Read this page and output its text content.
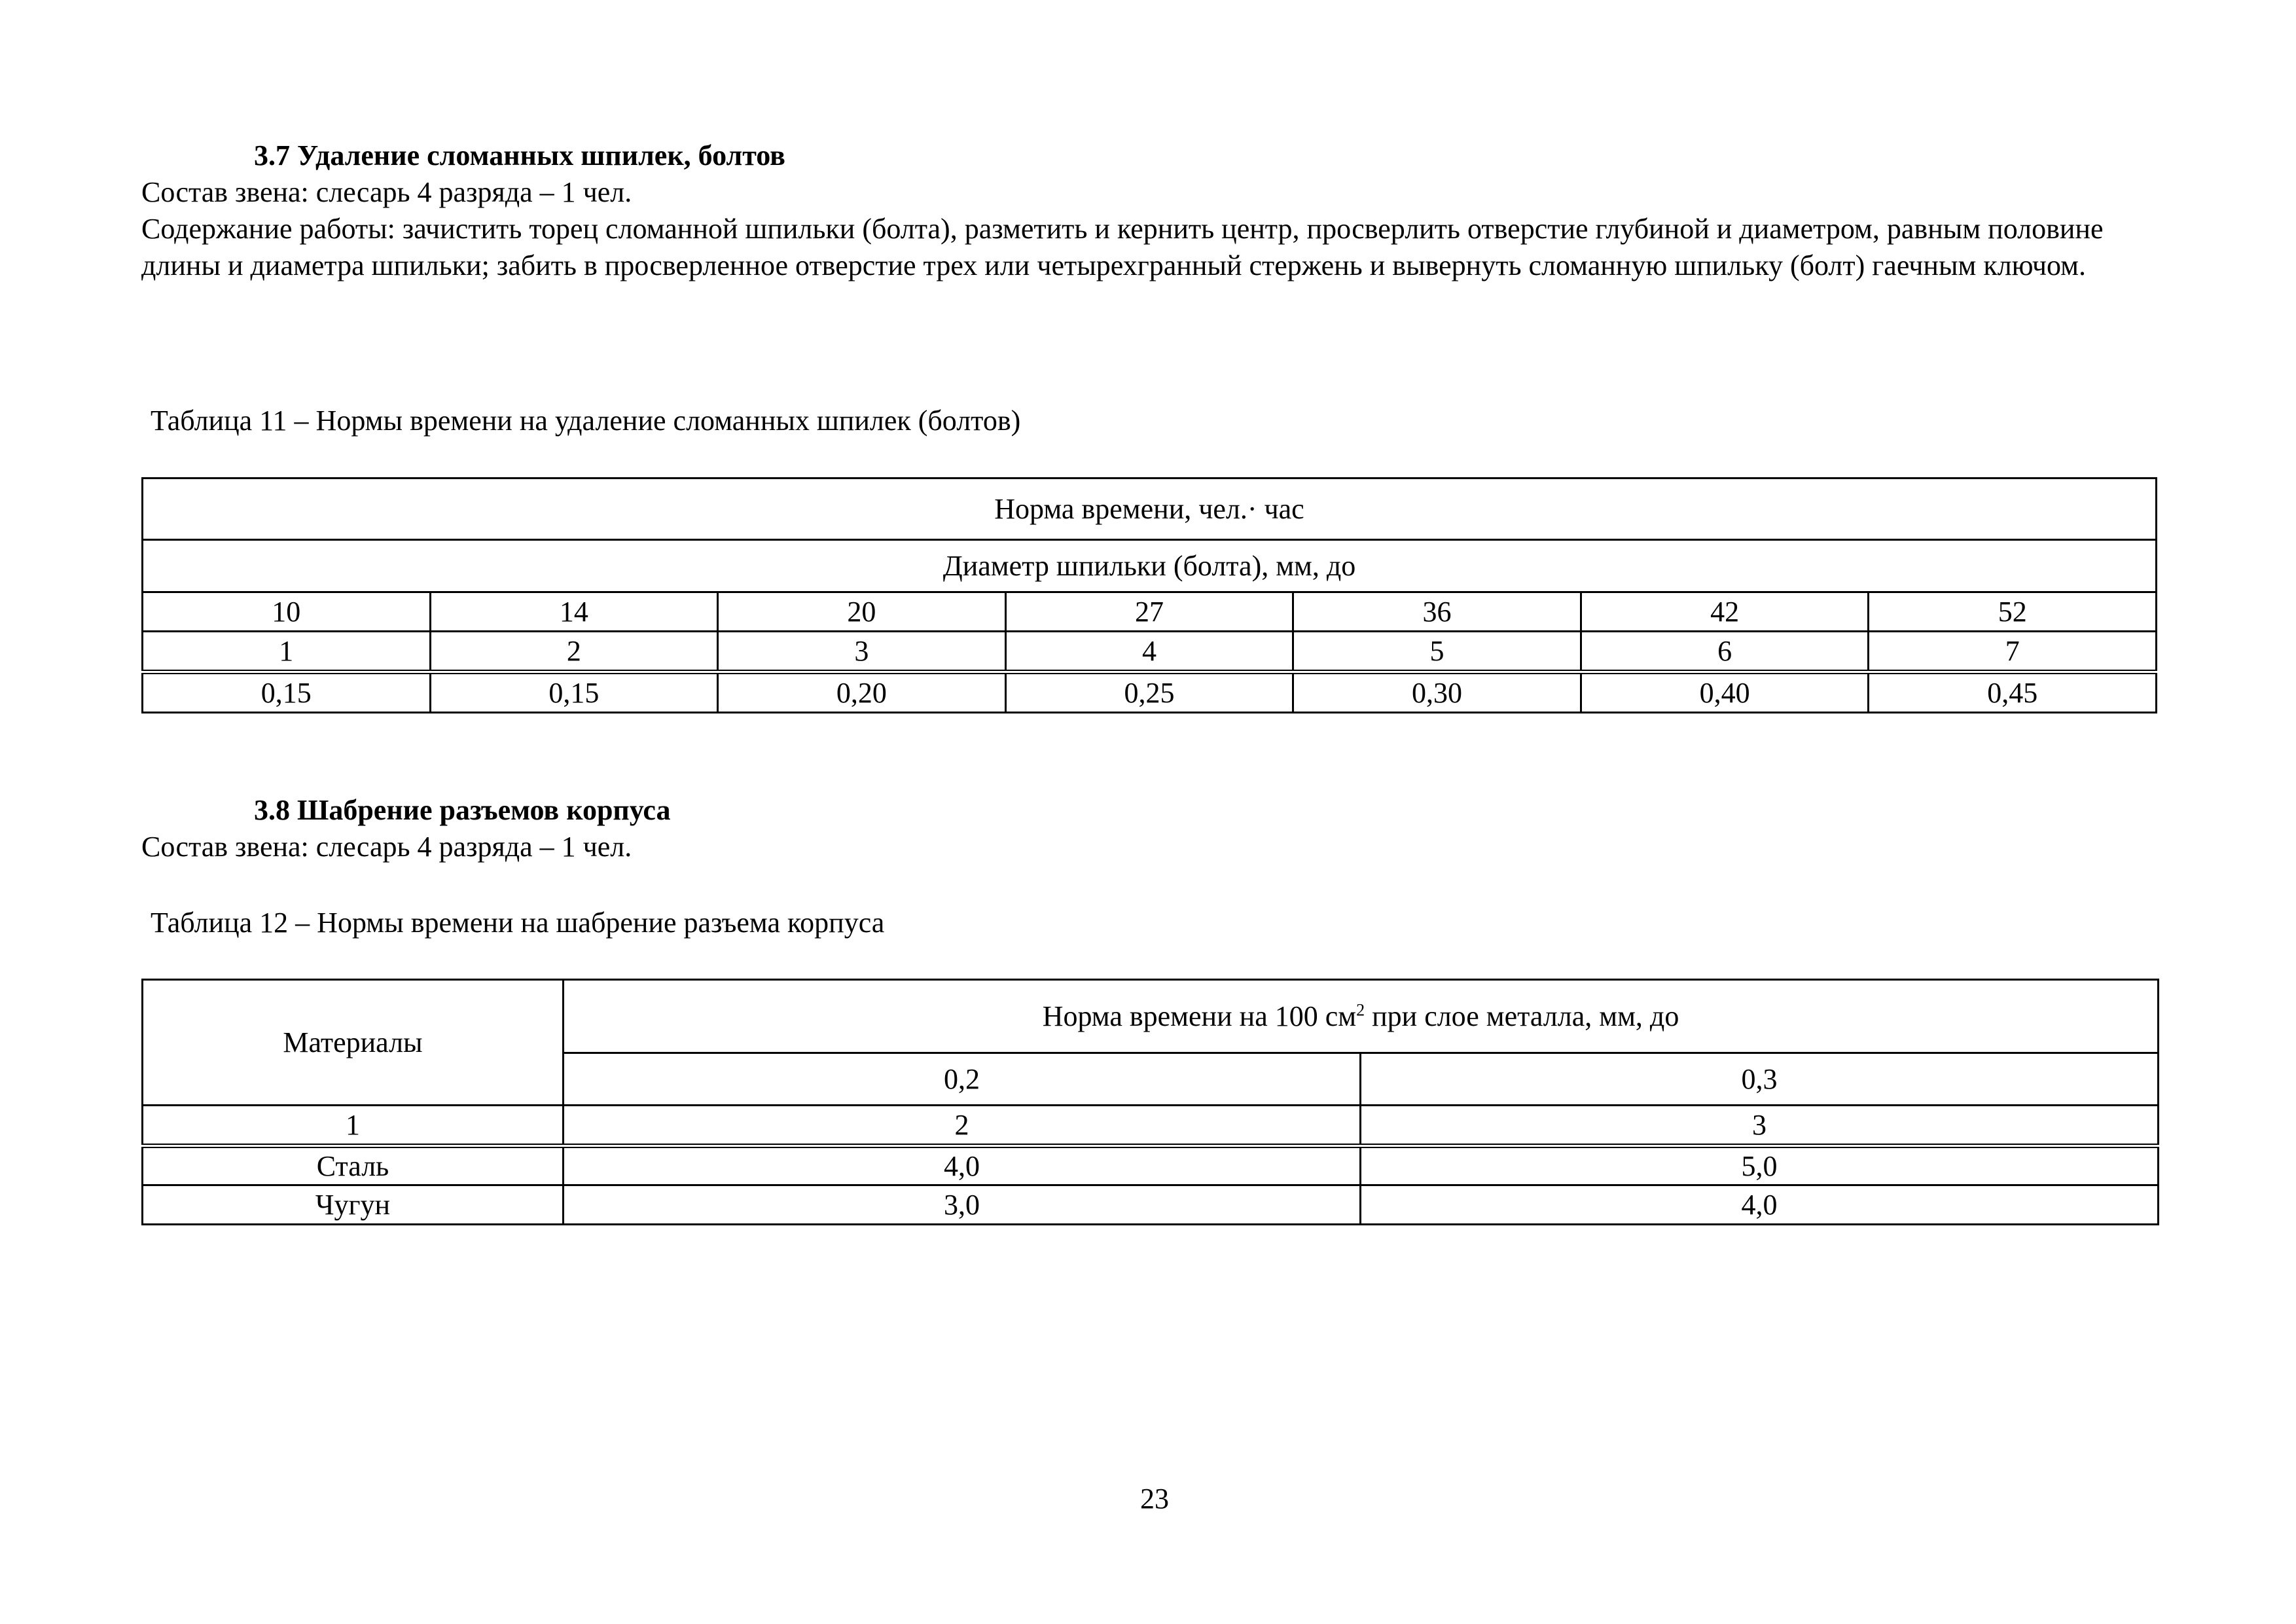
3.7 Удаление сломанных шпилек, болтов

Состав звена: слесарь 4 разряда – 1 чел.

Содержание работы: зачистить торец сломанной шпильки (болта), разметить и кернить центр, просверлить отверстие глубиной и диаметром, равным половине длины и диаметра шпильки; забить в просверленное отверстие трех или четырехгранный стержень и вывернуть сломанную шпильку (болт) гаечным ключом.

Таблица 11 – Нормы времени на удаление сломанных шпилек (болтов)
Норма времени, чел.· час						
Диаметр шпильки (болта), мм, до						
10	14	20	27	36	42	52
1	2	3	4	5	6	7
0,15	0,15	0,20	0,25	0,30	0,40	0,45

3.8 Шабрение разъемов корпуса

Состав звена: слесарь 4 разряда – 1 чел.

Таблица 12 – Нормы времени на шабрение разъема корпуса
Материалы	Норма времени на 100 $см^2$ при слое металла, мм, до	
	0,2	0,3
1	2	3
Сталь	4,0	5,0
Чугун	3,0	4,0
23
